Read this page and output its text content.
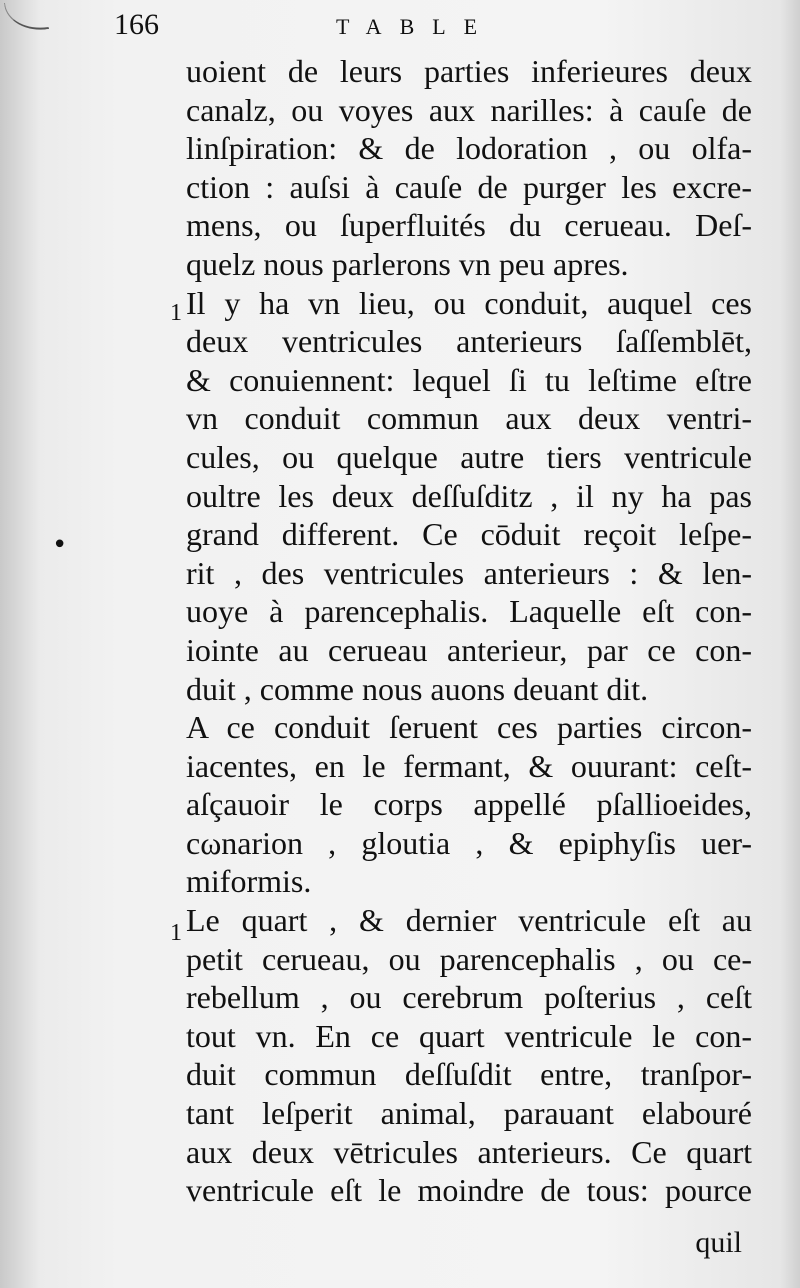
166	TABLE

•
1
1
uoient de leurs parties inferieures deux
canalz, ou voyes aux narilles: à cauſe de
linſpiration: & de lodoration , ou olfa-
ction : auſsi à cauſe de purger les excre-
mens, ou ſuperfluités du cerueau. Deſ-
quelz nous parlerons vn peu apres.
Il y ha vn lieu, ou conduit, auquel ces
deux ventricules anterieurs ſaſſemblēt,
& conuiennent: lequel ſi tu leſtime eſtre
vn conduit commun aux deux ventri-
cules, ou quelque autre tiers ventricule
oultre les deux deſſuſditz , il ny ha pas
grand different. Ce cōduit reçoit leſpe-
rit , des ventricules anterieurs : & len-
uoye à parencephalis. Laquelle eſt con-
iointe au cerueau anterieur, par ce con-
duit , comme nous auons deuant dit.
A ce conduit ſeruent ces parties circon-
iacentes, en le fermant, & ouurant: ceſt-
aſçauoir le corps appellé pſallioeides,
cωnarion , gloutia , & epiphyſis uer-
miformis.
Le quart , & dernier ventricule eſt au
petit cerueau, ou parencephalis , ou ce-
rebellum , ou cerebrum poſterius , ceſt
tout vn. En ce quart ventricule le con-
duit commun deſſuſdit entre, tranſpor-
tant leſperit animal, parauant elabouré
aux deux vētricules anterieurs. Ce quart
ventricule eſt le moindre de tous: pource
quil
